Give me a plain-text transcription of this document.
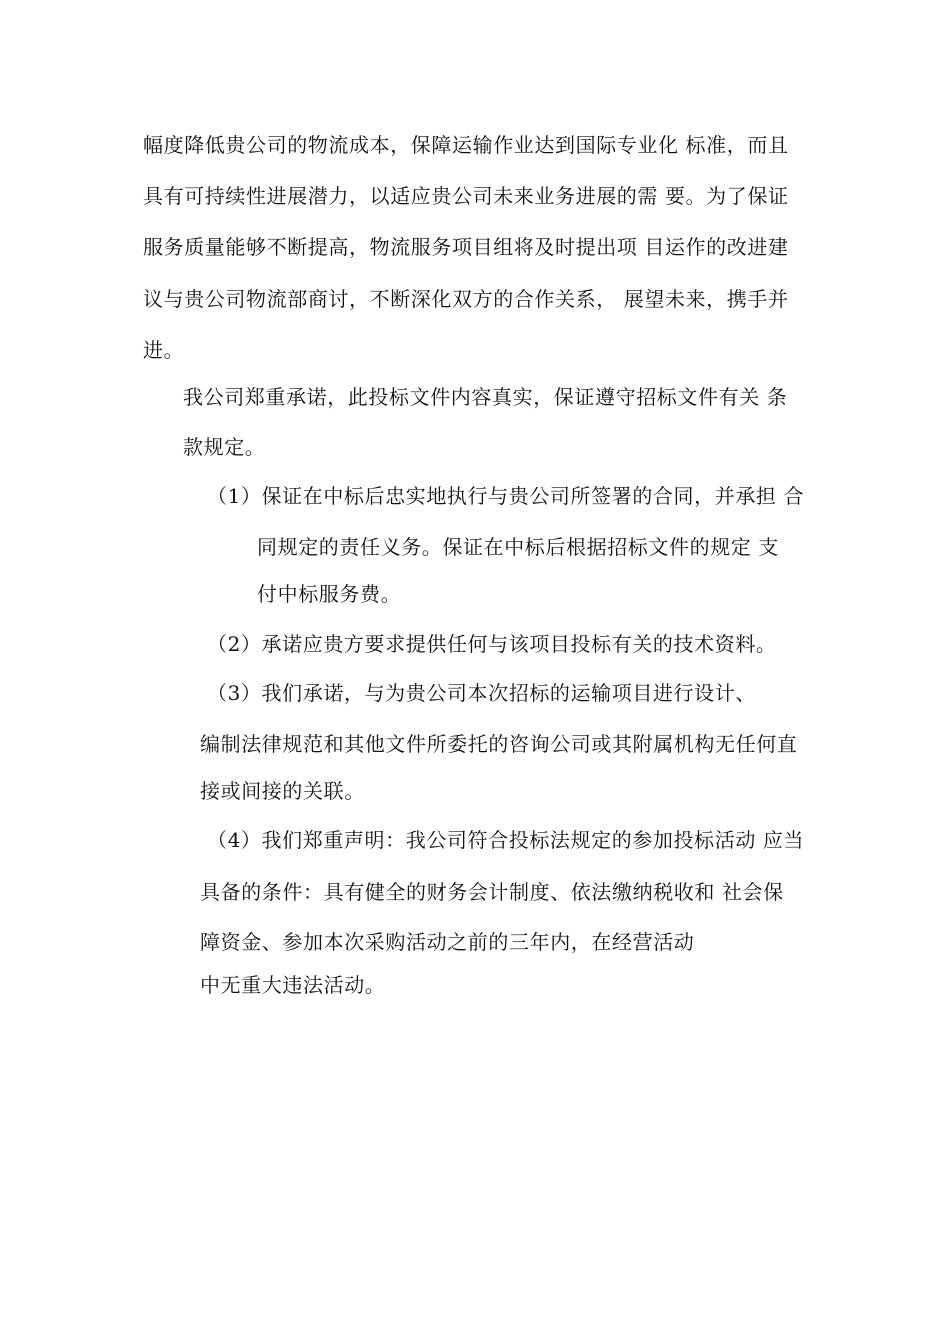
幅度降低贵公司的物流成本，保障运输作业达到国际专业化 标准，而且
具有可持续性进展潜力，以适应贵公司未来业务进展的需 要。为了保证
服务质量能够不断提高，物流服务项目组将及时提出项 目运作的改进建
议与贵公司物流部商讨，不断深化双方的合作关系， 展望未来，携手并
进。
我公司郑重承诺，此投标文件内容真实，保证遵守招标文件有关 条
款规定。
（1）保证在中标后忠实地执行与贵公司所签署的合同，并承担 合
同规定的责任义务。保证在中标后根据招标文件的规定 支
付中标服务费。
（2）承诺应贵方要求提供任何与该项目投标有关的技术资料。
（3）我们承诺，与为贵公司本次招标的运输项目进行设计、
编制法律规范和其他文件所委托的咨询公司或其附属机构无任何直
接或间接的关联。
（4）我们郑重声明：我公司符合投标法规定的参加投标活动 应当
具备的条件：具有健全的财务会计制度、依法缴纳税收和 社会保
障资金、参加本次采购活动之前的三年内，在经营活动
中无重大违法活动。
